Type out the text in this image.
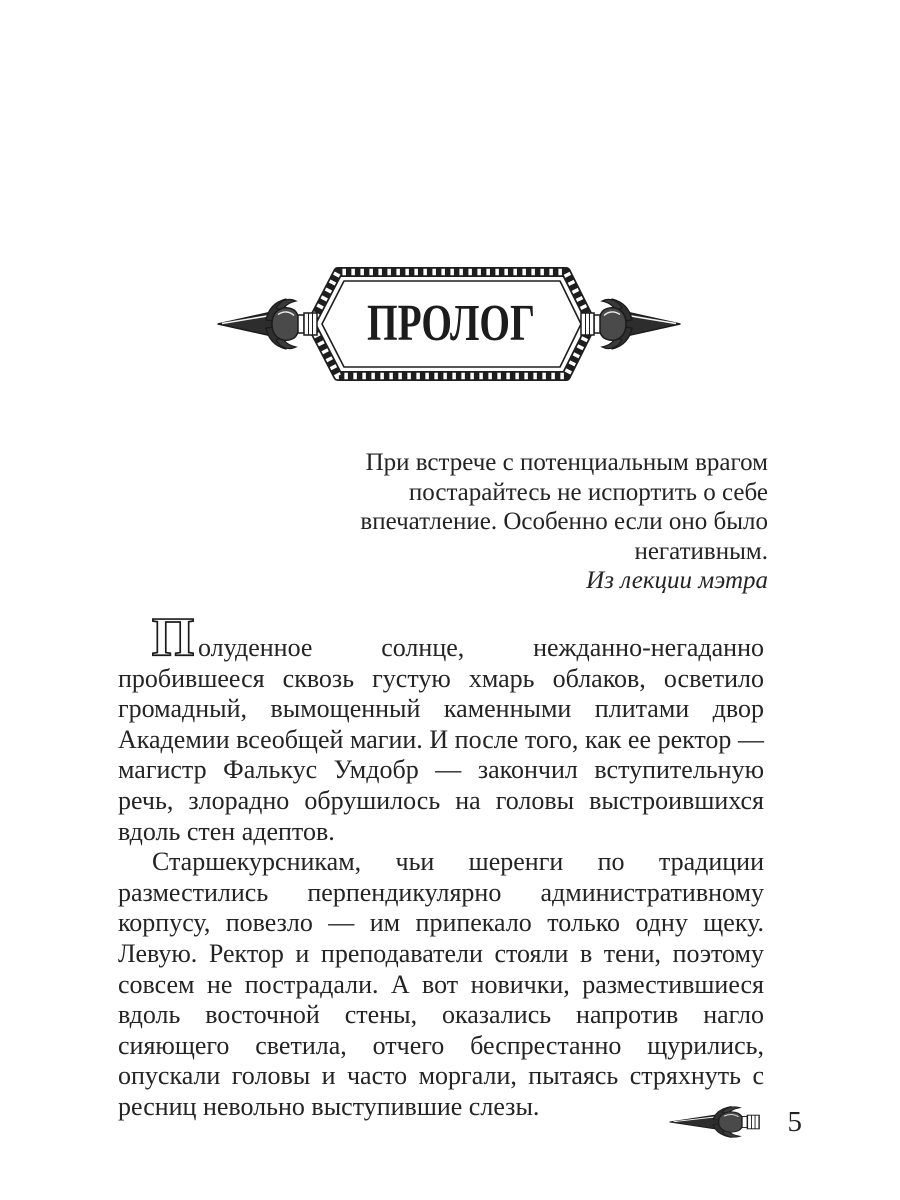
ПРОЛОГ
При встрече с потенциальным врагом
постарайтесь не испортить о себе
впечатление. Особенно если оно было
негативным.
Из лекции мэтра

П олуденное солнце, нежданно-негаданно пробившееся сквозь густую хмарь облаков, осветило громадный, вымощенный каменными плитами двор Академии всеобщей магии. И после того, как ее ректор — магистр Фалькус Умдобр — закончил вступительную речь, злорадно обрушилось на головы выстроившихся вдоль стен адептов.

Старшекурсникам, чьи шеренги по традиции разместились перпендикулярно административному корпусу, повезло — им припекало только одну щеку. Левую. Ректор и преподаватели стояли в тени, поэтому совсем не пострадали. А вот новички, разместившиеся вдоль восточной стены, оказались напротив нагло сияющего светила, отчего беспрестанно щурились, опускали головы и часто моргали, пытаясь стряхнуть с ресниц невольно выступившие слезы.	5
